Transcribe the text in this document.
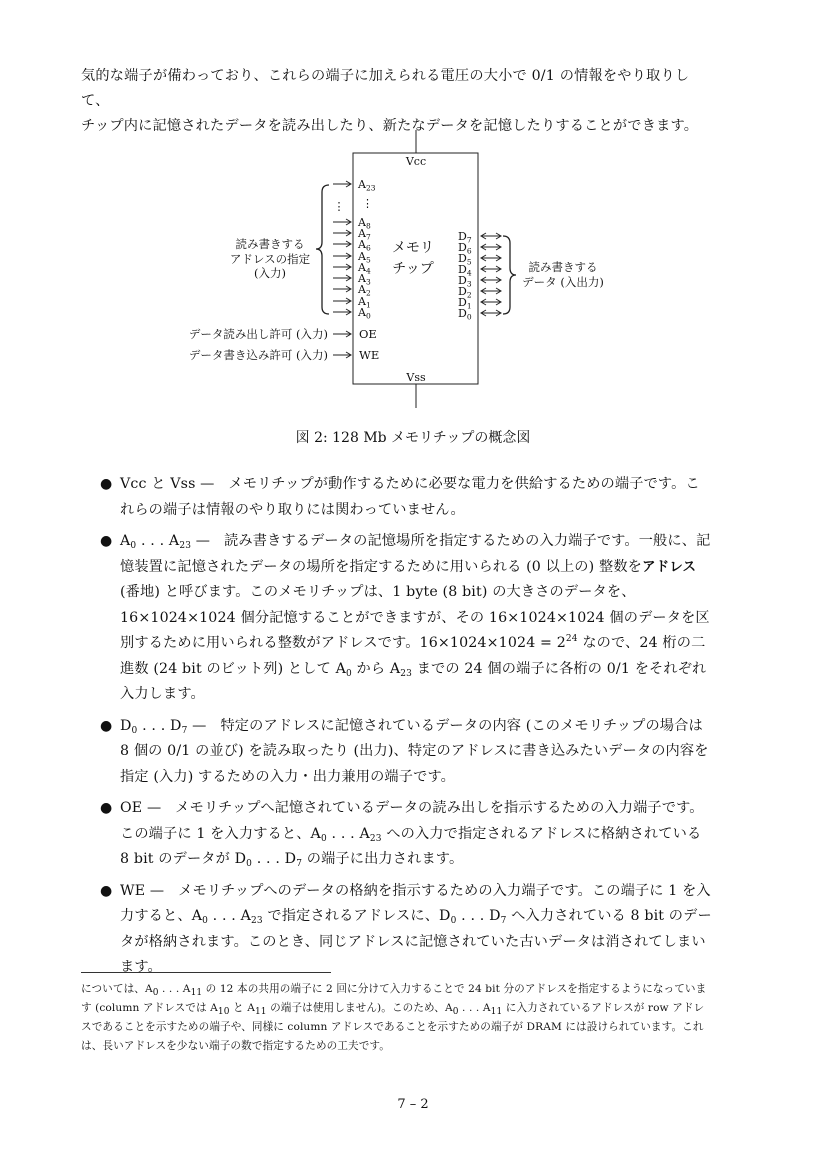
気的な端子が備わっており、これらの端子に加えられる電圧の大小で 0/1 の情報をやり取りして、
チップ内に記憶されたデータを読み出したり、新たなデータを記憶したりすることができます。
Vcc
Vss
メモリ
チップ
$A_{23}$
⋮
$A_8$
$A_7$
$A_6$
$A_5$
$A_4$
$A_3$
$A_2$
$A_1$
$A_0$
$D_7$
$D_6$
$D_5$
$D_4$
$D_3$
$D_2$
$D_1$
$D_0$
読み書きする
アドレスの指定
(入力)
⋮
読み書きする
データ (入出力)
OE
データ読み出し許可 (入力)
WE
データ書き込み許可 (入力)
図 2: 128 Mb メモリチップの概念図
● Vcc と Vss — メモリチップが動作するために必要な電力を供給するための端子です。これらの端子は情報のやり取りには関わっていません。
● $A_0$ . . . $A_{23}$ — 読み書きするデータの記憶場所を指定するための入力端子です。一般に、記憶装置に記憶されたデータの場所を指定するために用いられる (0 以上の) 整数をアドレス (番地) と呼びます。このメモリチップは、1 byte (8 bit) の大きさのデータを、16×1024×1024 個分記憶することができますが、その 16×1024×1024 個のデータを区別するために用いられる整数がアドレスです。$16\times 1024\times 1024 = 2^{24}$ なので、24 桁の二進数 (24 bit のビット列) として $A_0$ から $A_{23}$ までの 24 個の端子に各桁の 0/1 をそれぞれ入力します。
● $D_0$ . . . $D_7$ — 特定のアドレスに記憶されているデータの内容 (このメモリチップの場合は 8 個の 0/1 の並び) を読み取ったり (出力)、特定のアドレスに書き込みたいデータの内容を指定 (入力) するための入力・出力兼用の端子です。
● OE — メモリチップへ記憶されているデータの読み出しを指示するための入力端子です。この端子に 1 を入力すると、$A_0$ . . . $A_{23}$ への入力で指定されるアドレスに格納されている 8 bit のデータが $D_0$ . . . $D_7$ の端子に出力されます。
● WE — メモリチップへのデータの格納を指示するための入力端子です。この端子に 1 を入力すると、$A_0$ . . . $A_{23}$ で指定されるアドレスに、$D_0$ . . . $D_7$ へ入力されている 8 bit のデータが格納されます。このとき、同じアドレスに記憶されていた古いデータは消されてしまいます。
については、$A_0$ . . . $A_{11}$ の 12 本の共用の端子に 2 回に分けて入力することで 24 bit 分のアドレスを指定するようになっています (column アドレスでは $A_{10}$ と $A_{11}$ の端子は使用しません)。このため、$A_0$ . . . $A_{11}$ に入力されているアドレスが row アドレスであることを示すための端子や、同様に column アドレスであることを示すための端子が DRAM には設けられています。これは、長いアドレスを少ない端子の数で指定するための工夫です。
7 – 2
